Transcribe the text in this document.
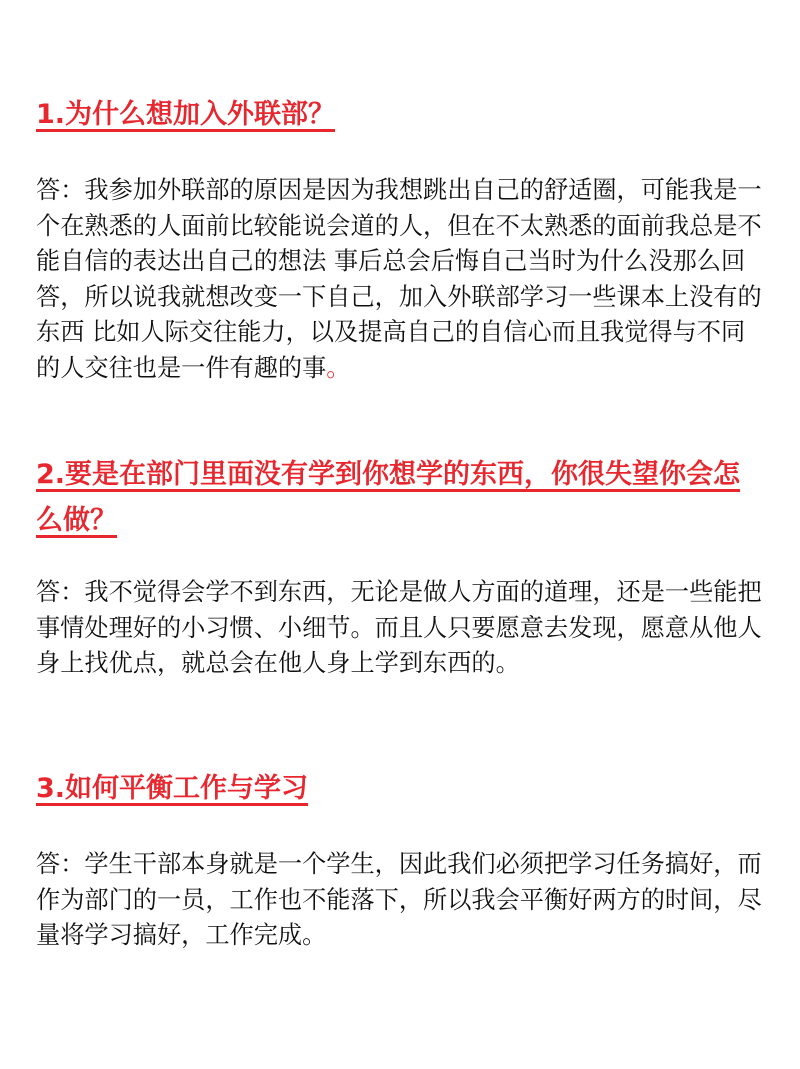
1.为什么想加入外联部？

答：我参加外联部的原因是因为我想跳出自己的舒适圈，可能我是一个在熟悉的人面前比较能说会道的人，但在不太熟悉的面前我总是不能自信的表达出自己的想法 事后总会后悔自己当时为什么没那么回答，所以说我就想改变一下自己，加入外联部学习一些课本上没有的东西 比如人际交往能力，以及提高自己的自信心而且我觉得与不同的人交往也是一件有趣的事。

2.要是在部门里面没有学到你想学的东西，你很失望你会怎么做？

答：我不觉得会学不到东西，无论是做人方面的道理，还是一些能把事情处理好的小习惯、小细节。而且人只要愿意去发现，愿意从他人身上找优点，就总会在他人身上学到东西的。

3.如何平衡工作与学习

答：学生干部本身就是一个学生，因此我们必须把学习任务搞好，而作为部门的一员，工作也不能落下，所以我会平衡好两方的时间，尽量将学习搞好，工作完成。
